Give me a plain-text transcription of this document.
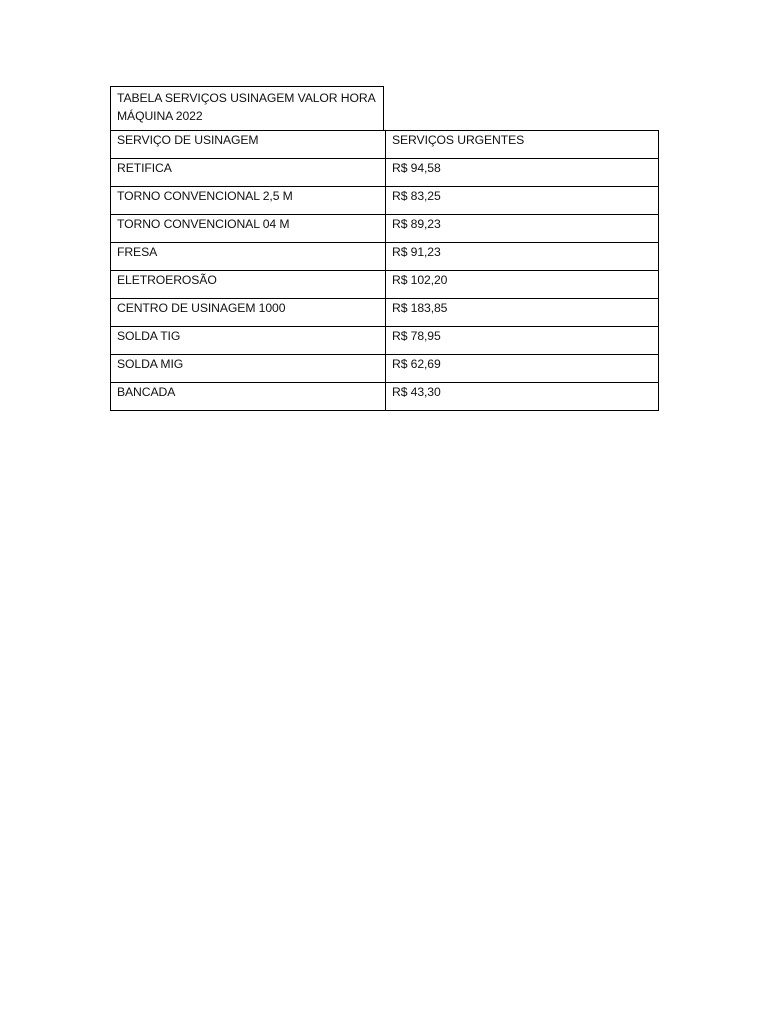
TABELA SERVIÇOS USINAGEM VALOR HORA MÁQUINA 2022
SERVIÇO DE USINAGEM	SERVIÇOS URGENTES
RETIFICA	R$ 94,58
TORNO CONVENCIONAL 2,5 M	R$ 83,25
TORNO CONVENCIONAL 04 M	R$ 89,23
FRESA	R$ 91,23
ELETROEROSÃO	R$ 102,20
CENTRO DE USINAGEM 1000	R$ 183,85
SOLDA TIG	R$ 78,95
SOLDA MIG	R$ 62,69
BANCADA	R$ 43,30
